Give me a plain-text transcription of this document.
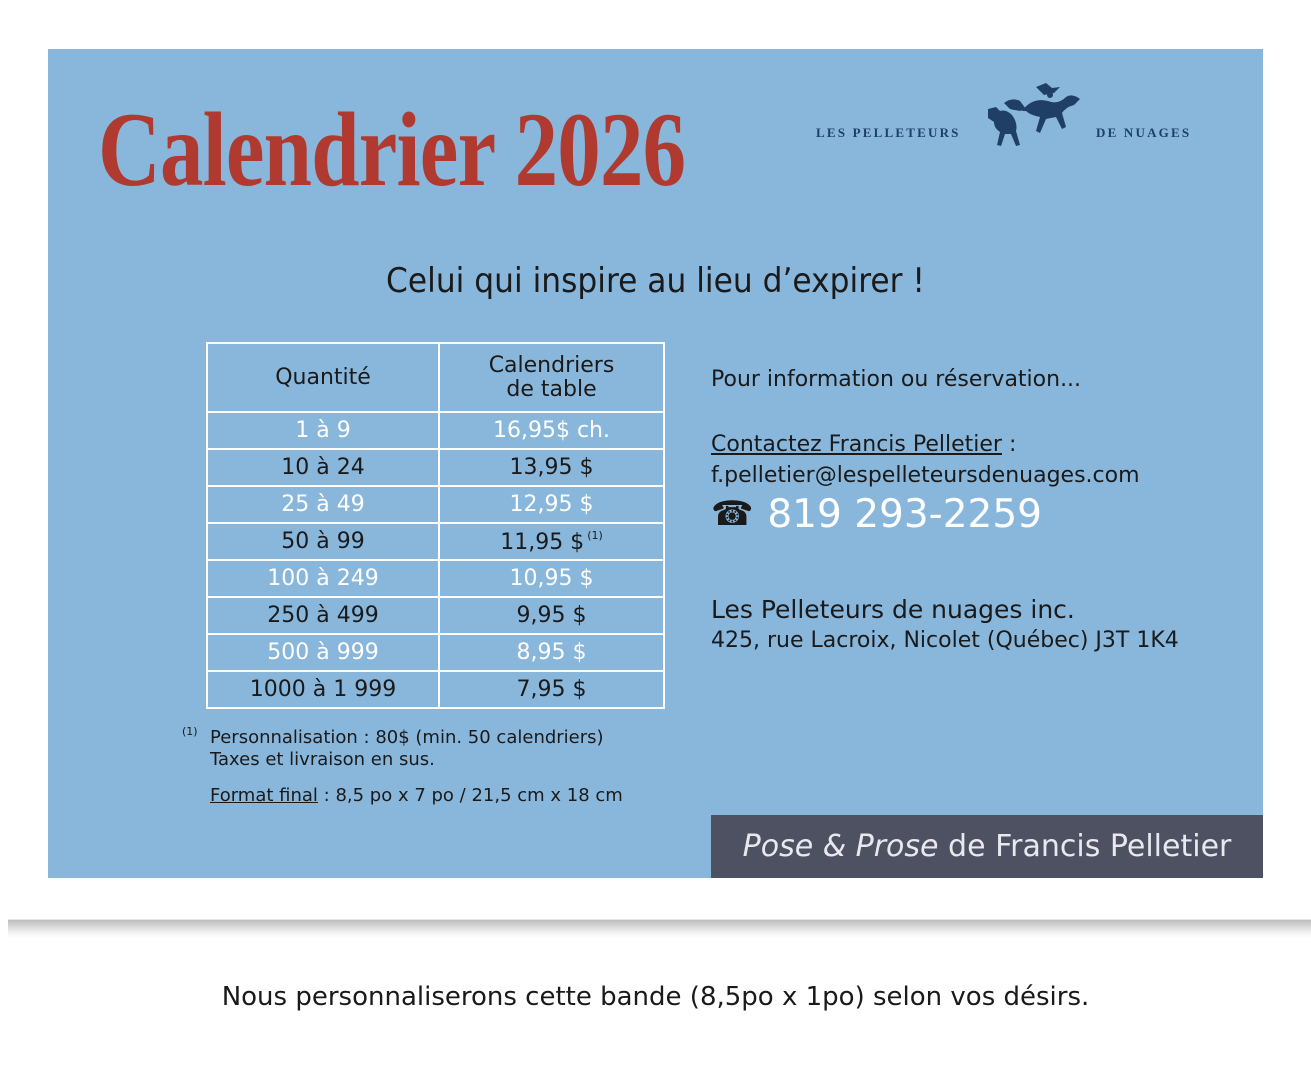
Calendrier 2026	LES PELLETEURS	DE NUAGES
Celui qui inspire au lieu d’expirer !
Quantité	Calendriers
de table
1 à 9	16,95$ ch.
10 à 24	13,95 $
25 à 49	12,95 $
50 à 99	11,95 $ $^{(1)}$
100 à 249	10,95 $
250 à 499	9,95 $
500 à 999	8,95 $
1000 à 1 999	7,95 $
(1) Personnalisation : 80$ (min. 50 calendriers)
Taxes et livraison en sus.
Format final : 8,5 po x 7 po / 21,5 cm x 18 cm

Pour information ou réservation...

Contactez Francis Pelletier :
f.pelletier@lespelleteursdenuages.com
☎ 819 293-2259
Les Pelleteurs de nuages inc.
425, rue Lacroix, Nicolet (Québec) J3T 1K4
Pose & Prose de Francis Pelletier
Nous personnaliserons cette bande (8,5po x 1po) selon vos désirs.
